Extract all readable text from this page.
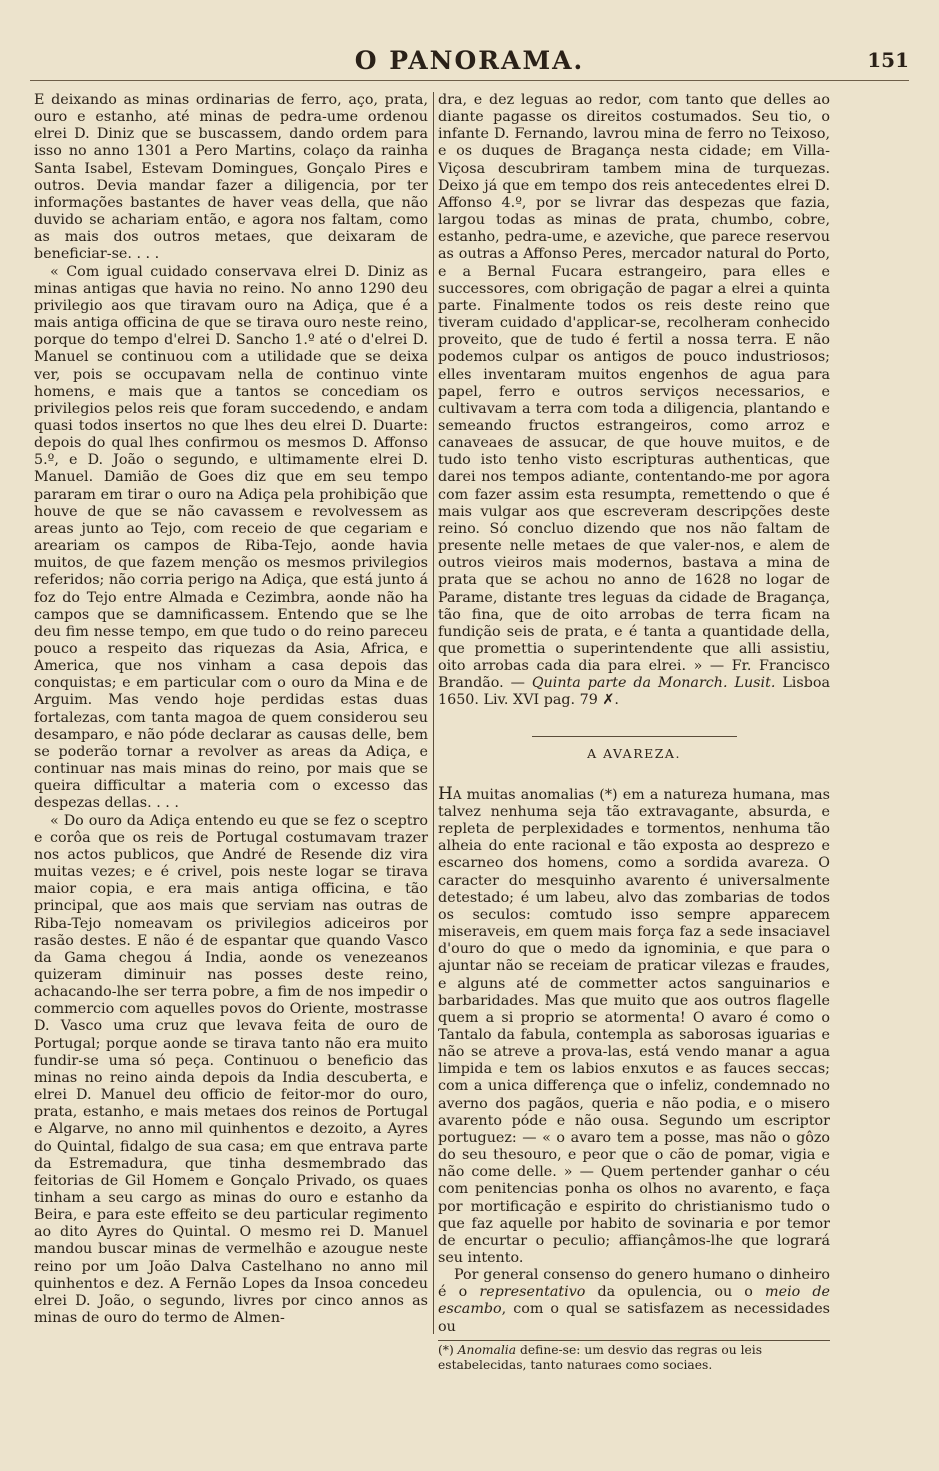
O PANORAMA.	151

E deixando as minas ordinarias de ferro, aço, prata, ouro e estanho, até minas de pedra-ume ordenou elrei D. Diniz que se buscassem, dando ordem para isso no anno 1301 a Pero Martins, colaço da rainha Santa Isabel, Estevam Domingues, Gonçalo Pires e outros. Devia mandar fazer a diligencia, por ter informações bastantes de haver veas della, que não duvido se achariam então, e agora nos faltam, como as mais dos outros metaes, que deixaram de beneficiar-se. . . .

« Com igual cuidado conservava elrei D. Diniz as minas antigas que havia no reino. No anno 1290 deu privilegio aos que tiravam ouro na Adiça, que é a mais antiga officina de que se tirava ouro neste reino, porque do tempo d'elrei D. Sancho 1.º até o d'elrei D. Manuel se continuou com a utilidade que se deixa ver, pois se occupavam nella de continuo vinte homens, e mais que a tantos se concediam os privilegios pelos reis que foram succedendo, e andam quasi todos insertos no que lhes deu elrei D. Duarte: depois do qual lhes confirmou os mesmos D. Affonso 5.º, e D. João o segundo, e ultimamente elrei D. Manuel. Damião de Goes diz que em seu tempo pararam em tirar o ouro na Adiça pela prohibição que houve de que se não cavassem e revolvessem as areas junto ao Tejo, com receio de que cegariam e areariam os campos de Riba-Tejo, aonde havia muitos, de que fazem menção os mesmos privilegios referidos; não corria perigo na Adiça, que está junto á foz do Tejo entre Almada e Cezimbra, aonde não ha campos que se damnificassem. Entendo que se lhe deu fim nesse tempo, em que tudo o do reino pareceu pouco a respeito das riquezas da Asia, Africa, e America, que nos vinham a casa depois das conquistas; e em particular com o ouro da Mina e de Arguim. Mas vendo hoje perdidas estas duas fortalezas, com tanta magoa de quem considerou seu desamparo, e não póde declarar as causas delle, bem se poderão tornar a revolver as areas da Adiça, e continuar nas mais minas do reino, por mais que se queira difficultar a materia com o excesso das despezas dellas. . . .

« Do ouro da Adiça entendo eu que se fez o sceptro e corôa que os reis de Portugal costumavam trazer nos actos publicos, que André de Resende diz vira muitas vezes; e é crivel, pois neste logar se tirava maior copia, e era mais antiga officina, e tão principal, que aos mais que serviam nas outras de Riba-Tejo nomeavam os privilegios adiceiros por rasão destes. E não é de espantar que quando Vasco da Gama chegou á India, aonde os venezeanos quizeram diminuir nas posses deste reino, achacando-lhe ser terra pobre, a fim de nos impedir o commercio com aquelles povos do Oriente, mostrasse D. Vasco uma cruz que levava feita de ouro de Portugal; porque aonde se tirava tanto não era muito fundir-se uma só peça. Continuou o beneficio das minas no reino ainda depois da India descuberta, e elrei D. Manuel deu officio de feitor-mor do ouro, prata, estanho, e mais metaes dos reinos de Portugal e Algarve, no anno mil quinhentos e dezoito, a Ayres do Quintal, fidalgo de sua casa; em que entrava parte da Estremadura, que tinha desmembrado das feitorias de Gil Homem e Gonçalo Privado, os quaes tinham a seu cargo as minas do ouro e estanho da Beira, e para este effeito se deu particular regimento ao dito Ayres do Quintal. O mesmo rei D. Manuel mandou buscar minas de vermelhão e azougue neste reino por um João Dalva Castelhano no anno mil quinhentos e dez. A Fernão Lopes da Insoa concedeu elrei D. João, o segundo, livres por cinco annos as minas de ouro do termo de Almen-

dra, e dez leguas ao redor, com tanto que delles ao diante pagasse os direitos costumados. Seu tio, o infante D. Fernando, lavrou mina de ferro no Teixoso, e os duques de Bragança nesta cidade; em Villa-Viçosa descubriram tambem mina de turquezas. Deixo já que em tempo dos reis antecedentes elrei D. Affonso 4.º, por se livrar das despezas que fazia, largou todas as minas de prata, chumbo, cobre, estanho, pedra-ume, e azeviche, que parece reservou as outras a Affonso Peres, mercador natural do Porto, e a Bernal Fucara estrangeiro, para elles e successores, com obrigação de pagar a elrei a quinta parte. Finalmente todos os reis deste reino que tiveram cuidado d'applicar-se, recolheram conhecido proveito, que de tudo é fertil a nossa terra. E não podemos culpar os antigos de pouco industriosos; elles inventaram muitos engenhos de agua para papel, ferro e outros serviços necessarios, e cultivavam a terra com toda a diligencia, plantando e semeando fructos estrangeiros, como arroz e canaveaes de assucar, de que houve muitos, e de tudo isto tenho visto escripturas authenticas, que darei nos tempos adiante, contentando-me por agora com fazer assim esta resumpta, remettendo o que é mais vulgar aos que escreveram descripções deste reino. Só concluo dizendo que nos não faltam de presente nelle metaes de que valer-nos, e alem de outros vieiros mais modernos, bastava a mina de prata que se achou no anno de 1628 no logar de Parame, distante tres leguas da cidade de Bragança, tão fina, que de oito arrobas de terra ficam na fundição seis de prata, e é tanta a quantidade della, que promettia o superintendente que alli assistiu, oito arrobas cada dia para elrei. » — Fr. Francisco Brandão. — Quinta parte da Monarch. Lusit. Lisboa 1650. Liv. XVI pag. 79 ✗.

A AVAREZA.

Ha muitas anomalias (*) em a natureza humana, mas talvez nenhuma seja tão extravagante, absurda, e repleta de perplexidades e tormentos, nenhuma tão alheia do ente racional e tão exposta ao desprezo e escarneo dos homens, como a sordida avareza. O caracter do mesquinho avarento é universalmente detestado; é um labeu, alvo das zombarias de todos os seculos: comtudo isso sempre apparecem miseraveis, em quem mais força faz a sede insaciavel d'ouro do que o medo da ignominia, e que para o ajuntar não se receiam de praticar vilezas e fraudes, e alguns até de commetter actos sanguinarios e barbaridades. Mas que muito que aos outros flagelle quem a si proprio se atormenta! O avaro é como o Tantalo da fabula, contempla as saborosas iguarias e não se atreve a prova-las, está vendo manar a agua limpida e tem os labios enxutos e as fauces seccas; com a unica differença que o infeliz, condemnado no averno dos pagãos, queria e não podia, e o misero avarento póde e não ousa. Segundo um escriptor portuguez: — « o avaro tem a posse, mas não o gôzo do seu thesouro, e peor que o cão de pomar, vigia e não come delle. » — Quem pertender ganhar o céu com penitencias ponha os olhos no avarento, e faça por mortificação e espirito do christianismo tudo o que faz aquelle por habito de sovinaria e por temor de encurtar o peculio; affiançâmos-lhe que logrará seu intento.

Por general consenso do genero humano o dinheiro é o representativo da opulencia, ou o meio de escambo, com o qual se satisfazem as necessidades ou

(*) Anomalia define-se: um desvio das regras ou leis estabelecidas, tanto naturaes como sociaes.
